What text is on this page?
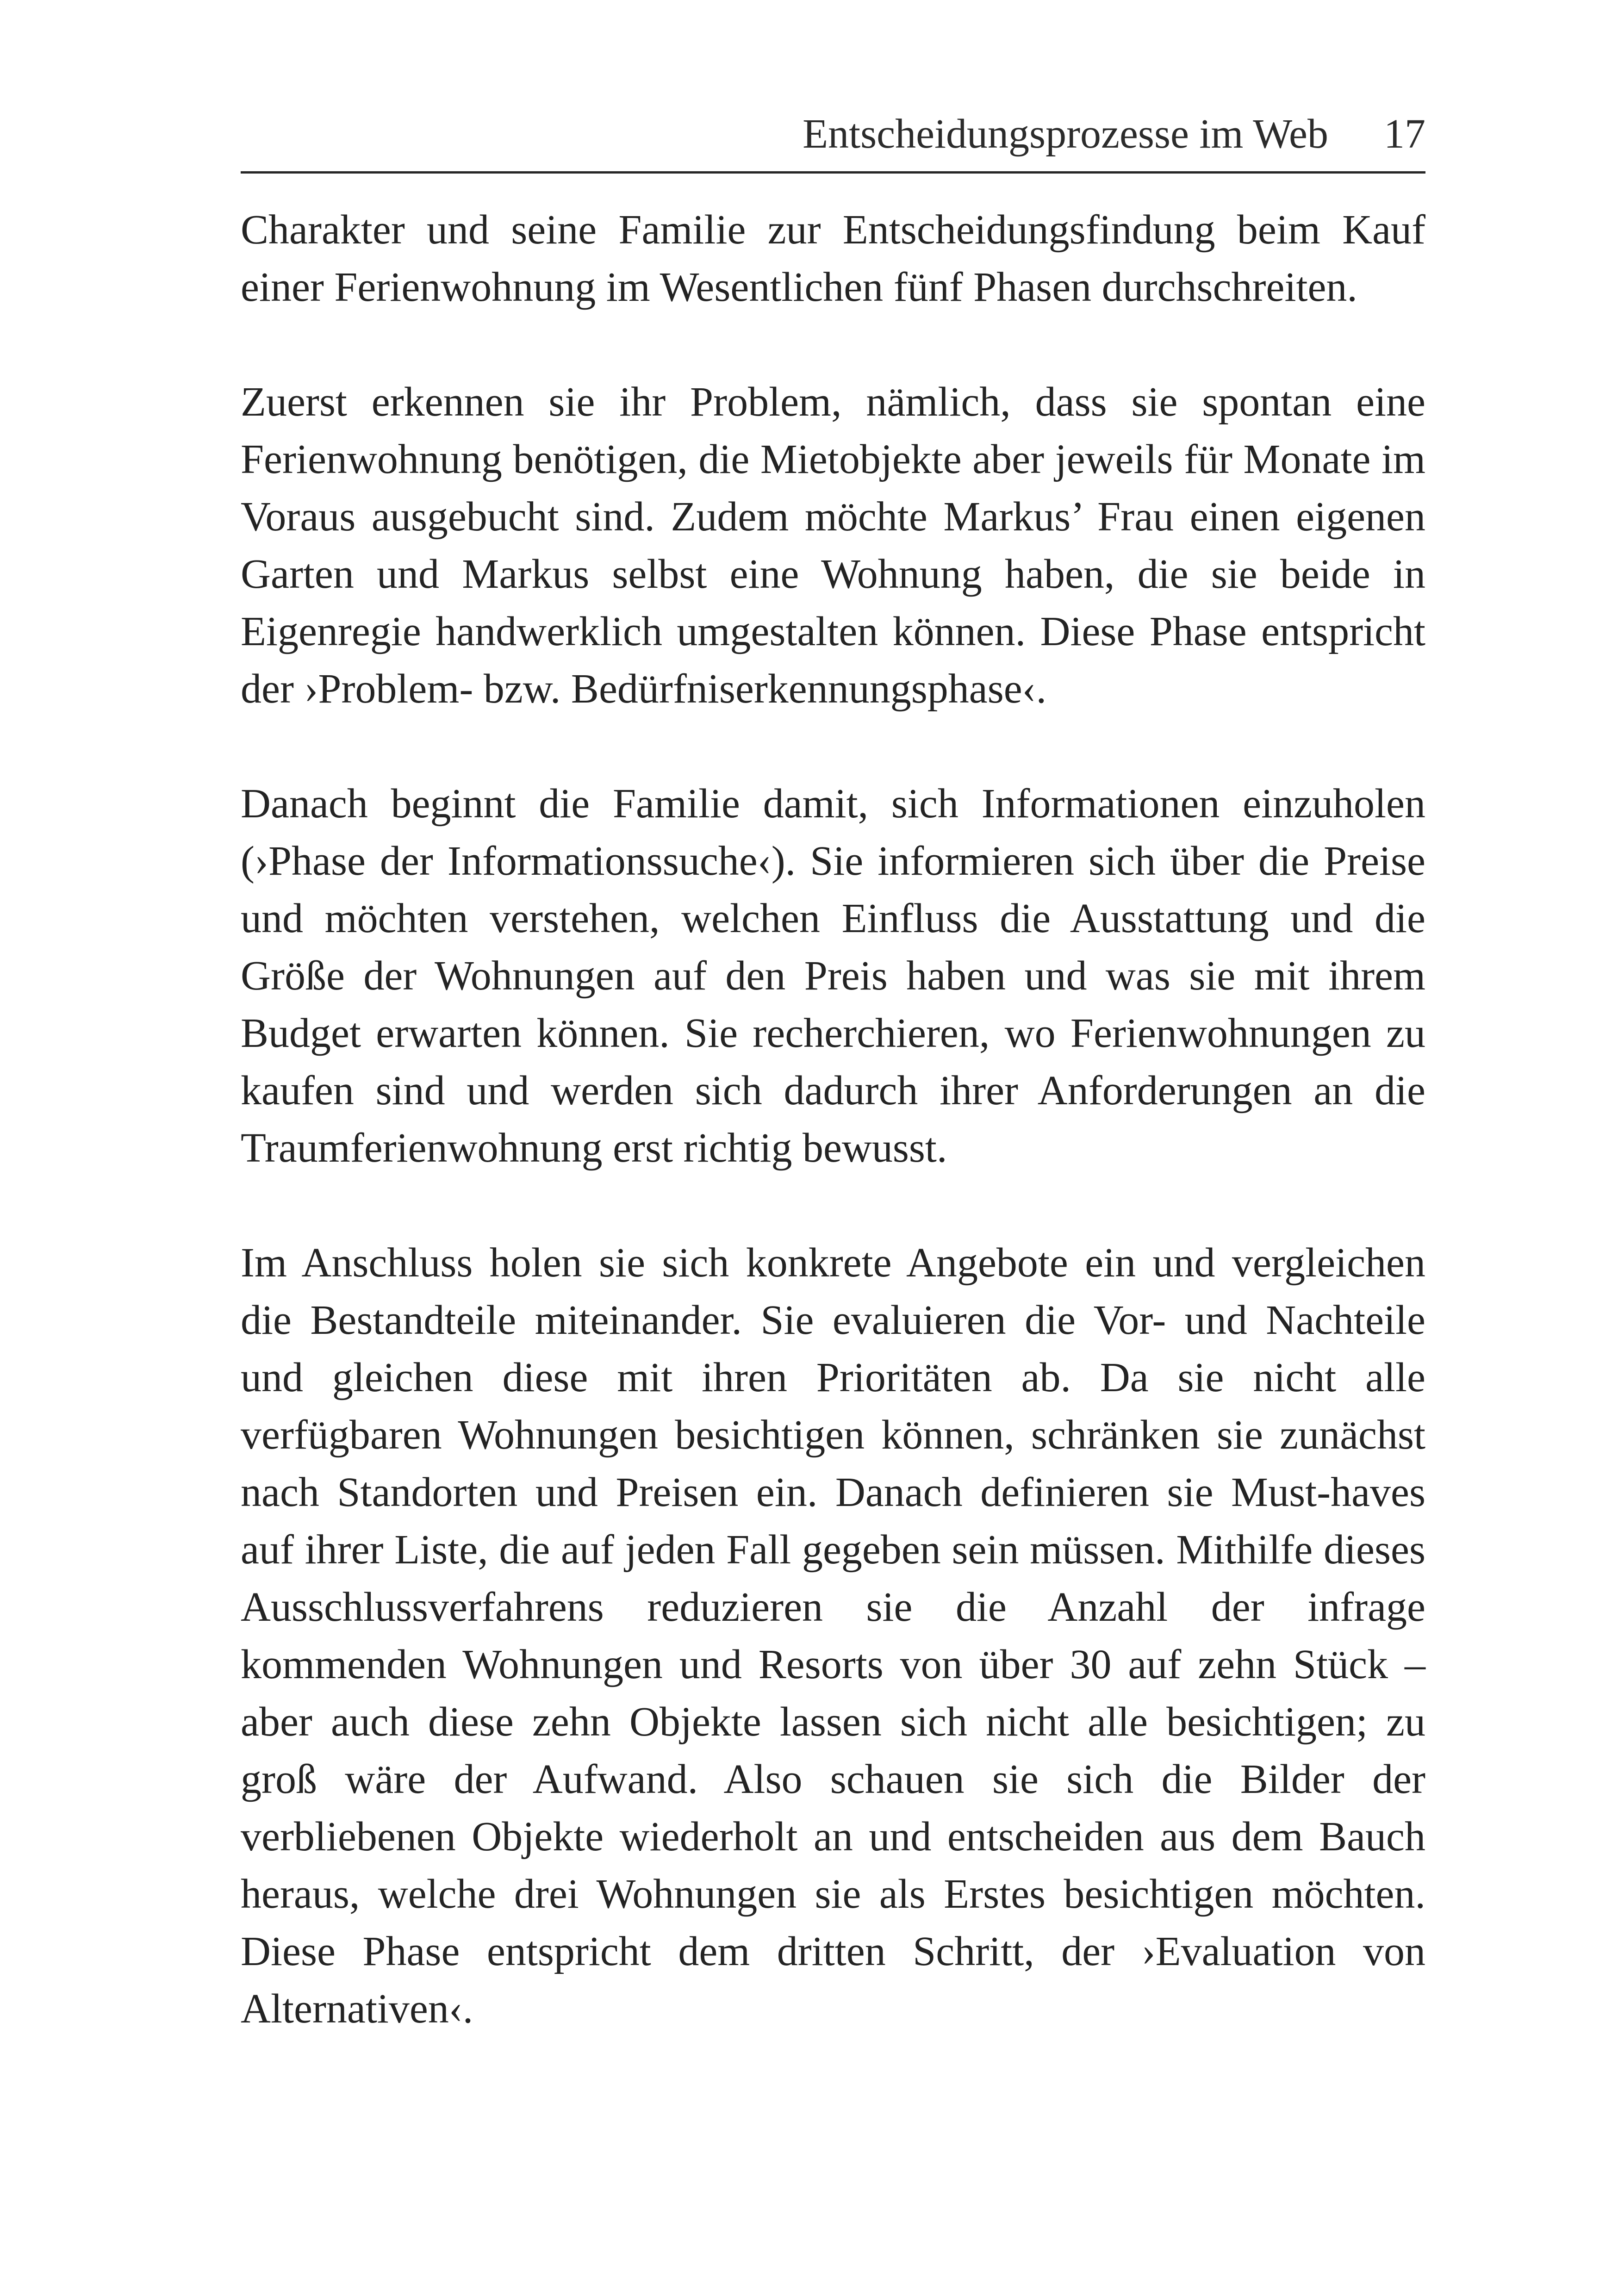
Entscheidungsprozesse im Web 17

Charakter und seine Familie zur Entscheidungsfindung beim Kauf einer Ferienwohnung im Wesentlichen fünf Phasen durchschreiten.

Zuerst erkennen sie ihr Problem, nämlich, dass sie spontan eine Ferienwohnung benötigen, die Mietobjekte aber jeweils für Monate im Voraus ausgebucht sind. Zudem möchte Markus’ Frau einen eigenen Garten und Markus selbst eine Wohnung haben, die sie beide in Eigenregie handwerklich umgestalten können. Diese Phase entspricht der ›Problem- bzw. Bedürfniserkennungsphase‹.

Danach beginnt die Familie damit, sich Informationen einzuholen (›Phase der Informationssuche‹). Sie informieren sich über die Preise und möchten verstehen, welchen Einfluss die Ausstattung und die Größe der Wohnungen auf den Preis haben und was sie mit ihrem Budget erwarten können. Sie recherchieren, wo Ferienwohnungen zu kaufen sind und werden sich dadurch ihrer Anforderungen an die Traumferienwohnung erst richtig bewusst.

Im Anschluss holen sie sich konkrete Angebote ein und vergleichen die Bestandteile miteinander. Sie evaluieren die Vor- und Nachteile und gleichen diese mit ihren Prioritäten ab. Da sie nicht alle verfügbaren Wohnungen besichtigen können, schränken sie zunächst nach Standorten und Preisen ein. Danach definieren sie Must-haves auf ihrer Liste, die auf jeden Fall gegeben sein müssen. Mithilfe dieses Ausschlussverfahrens reduzieren sie die Anzahl der infrage kommenden Wohnungen und Resorts von über 30 auf zehn Stück – aber auch diese zehn Objekte lassen sich nicht alle besichtigen; zu groß wäre der Aufwand. Also schauen sie sich die Bilder der verbliebenen Objekte wiederholt an und entscheiden aus dem Bauch heraus, welche drei Wohnungen sie als Erstes besichtigen möchten. Diese Phase entspricht dem dritten Schritt, der ›Evaluation von Alternativen‹.
